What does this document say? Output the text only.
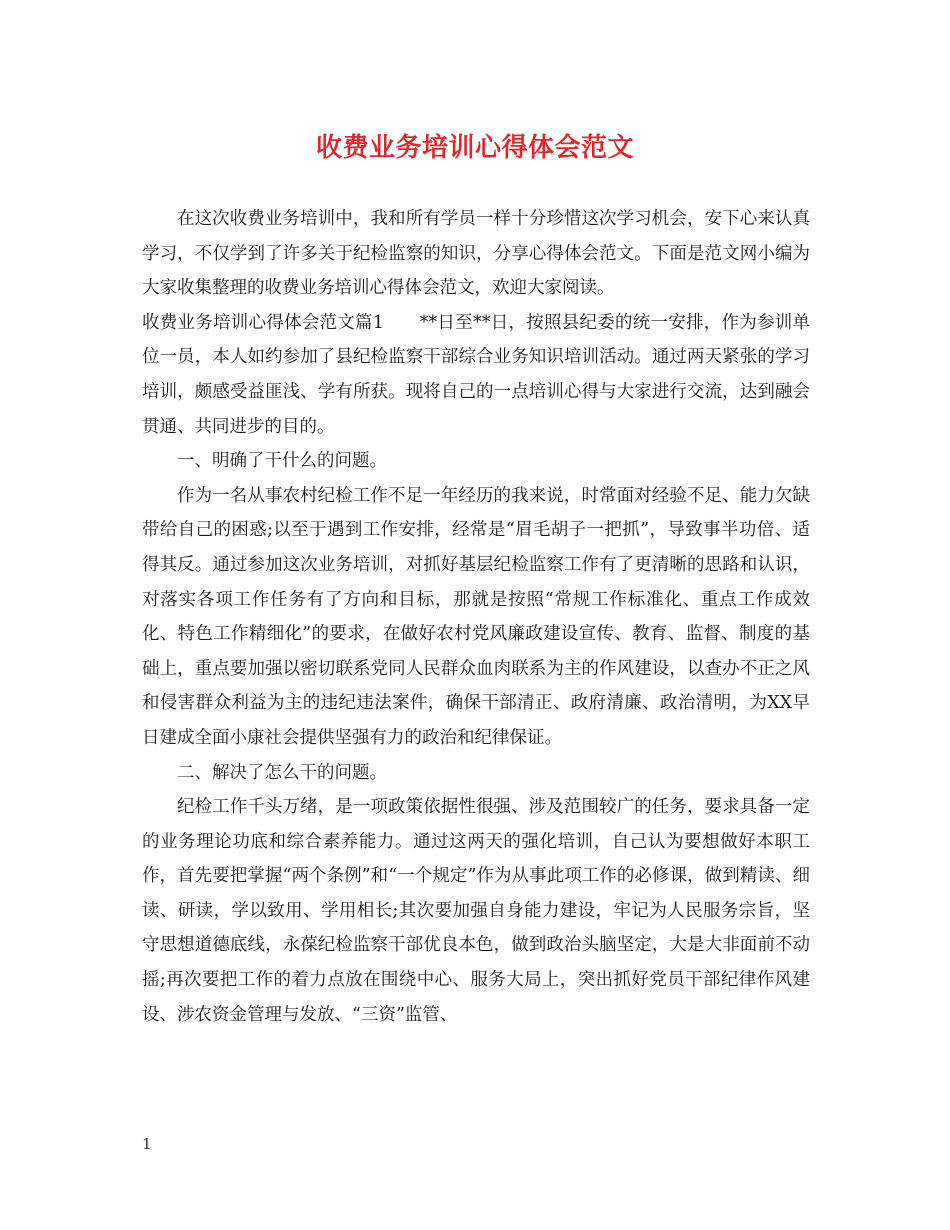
收费业务培训心得体会范文

在这次收费业务培训中，我和所有学员一样十分珍惜这次学习机会，安下心来认真学习，不仅学到了许多关于纪检监察的知识，分享心得体会范文。下面是范文网小编为大家收集整理的收费业务培训心得体会范文，欢迎大家阅读。

收费业务培训心得体会范文篇1　　**日至**日，按照县纪委的统一安排，作为参训单位一员，本人如约参加了县纪检监察干部综合业务知识培训活动。通过两天紧张的学习培训，颇感受益匪浅、学有所获。现将自己的一点培训心得与大家进行交流，达到融会贯通、共同进步的目的。

一、明确了干什么的问题。

作为一名从事农村纪检工作不足一年经历的我来说，时常面对经验不足、能力欠缺带给自己的困惑;以至于遇到工作安排，经常是“眉毛胡子一把抓”，导致事半功倍、适得其反。通过参加这次业务培训，对抓好基层纪检监察工作有了更清晰的思路和认识，对落实各项工作任务有了方向和目标，那就是按照“常规工作标准化、重点工作成效化、特色工作精细化”的要求，在做好农村党风廉政建设宣传、教育、监督、制度的基础上，重点要加强以密切联系党同人民群众血肉联系为主的作风建设，以查办不正之风和侵害群众利益为主的违纪违法案件，确保干部清正、政府清廉、政治清明，为XX早日建成全面小康社会提供坚强有力的政治和纪律保证。

二、解决了怎么干的问题。

纪检工作千头万绪，是一项政策依据性很强、涉及范围较广的任务，要求具备一定的业务理论功底和综合素养能力。通过这两天的强化培训，自己认为要想做好本职工作，首先要把掌握“两个条例”和“一个规定”作为从事此项工作的必修课，做到精读、细读、研读，学以致用、学用相长;其次要加强自身能力建设，牢记为人民服务宗旨，坚守思想道德底线，永葆纪检监察干部优良本色，做到政治头脑坚定，大是大非面前不动摇;再次要把工作的着力点放在围绕中心、服务大局上，突出抓好党员干部纪律作风建设、涉农资金管理与发放、“三资”监管、

1
